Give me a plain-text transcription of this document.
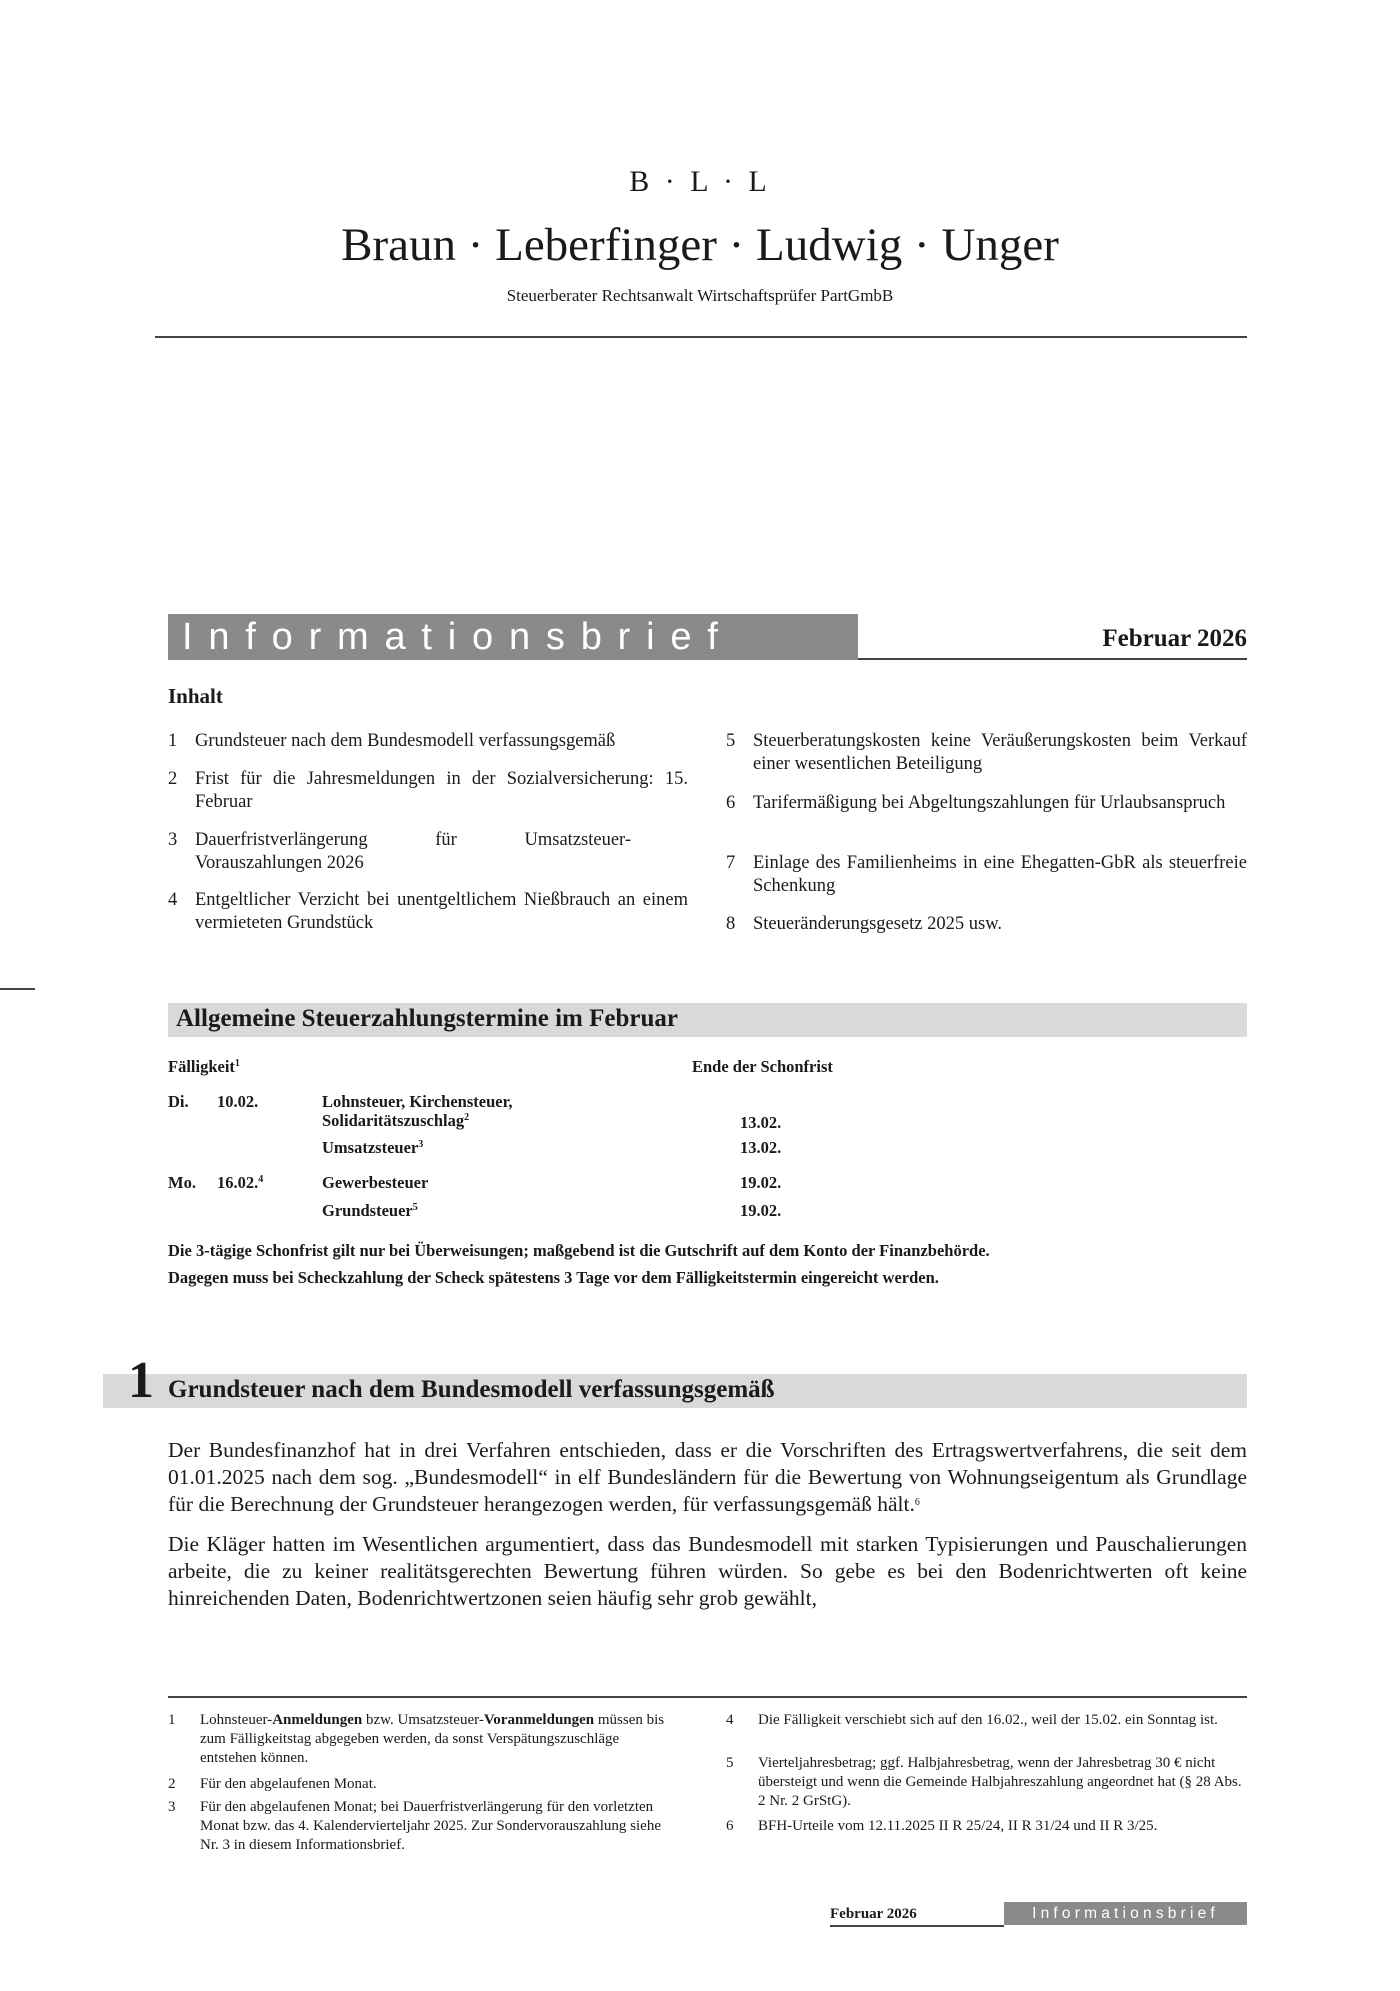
B · L · L
Braun · Leberfinger · Ludwig · Unger
Steuerberater Rechtsanwalt Wirtschaftsprüfer PartGmbB
Informationsbrief	Februar 2026
Inhalt
1 Grundsteuer nach dem Bundesmodell verfassungsgemäß
2 Frist für die Jahresmeldungen in der Sozialversicherung: 15. Februar
3 Dauerfristverlängerung für Umsatzsteuer-Vorauszahlungen 2026
4 Entgeltlicher Verzicht bei unentgeltlichem Nießbrauch an einem vermieteten Grundstück
5 Steuerberatungskosten keine Veräußerungskosten beim Verkauf einer wesentlichen Beteiligung
6 Tarifermäßigung bei Abgeltungszahlungen für Urlaubsanspruch
7 Einlage des Familienheims in eine Ehegatten-GbR als steuerfreie Schenkung
8 Steueränderungsgesetz 2025 usw.
Allgemeine Steuerzahlungstermine im Februar
Fälligkeit$^1$	Ende der Schonfrist
Di. 10.02.	Lohnsteuer, Kirchensteuer,
Solidaritätszuschlag$^2$	13.02.
Umsatzsteuer$^3$	13.02.
Mo. 16.02.$^4$	Gewerbesteuer	19.02.
Grundsteuer$^5$	19.02.
Die 3-tägige Schonfrist gilt nur bei Überweisungen; maßgebend ist die Gutschrift auf dem Konto der Finanzbehörde.
Dagegen muss bei Scheckzahlung der Scheck spätestens 3 Tage vor dem Fälligkeitstermin eingereicht werden.
1 Grundsteuer nach dem Bundesmodell verfassungsgemäß

Der Bundesfinanzhof hat in drei Verfahren entschieden, dass er die Vorschriften des Ertragswertverfahrens, die seit dem 01.01.2025 nach dem sog. „Bundesmodell“ in elf Bundesländern für die Bewertung von Wohnungseigentum als Grundlage für die Berechnung der Grundsteuer herangezogen werden, für verfassungsgemäß hält.$^6$

Die Kläger hatten im Wesentlichen argumentiert, dass das Bundesmodell mit starken Typisierungen und Pauschalierungen arbeite, die zu keiner realitätsgerechten Bewertung führen würden. So gebe es bei den Bodenrichtwerten oft keine hinreichenden Daten, Bodenrichtwertzonen seien häufig sehr grob gewählt,

1 Lohnsteuer-Anmeldungen bzw. Umsatzsteuer-Voranmeldungen müssen bis zum Fälligkeitstag abgegeben werden, da sonst Verspätungszuschläge entstehen können.
2 Für den abgelaufenen Monat.
3 Für den abgelaufenen Monat; bei Dauerfristverlängerung für den vorletzten Monat bzw. das 4. Kalendervierteljahr 2025. Zur Sondervorauszahlung siehe Nr. 3 in diesem Informationsbrief.
4 Die Fälligkeit verschiebt sich auf den 16.02., weil der 15.02. ein Sonntag ist.
5 Vierteljahresbetrag; ggf. Halbjahresbetrag, wenn der Jahresbetrag 30 € nicht übersteigt und wenn die Gemeinde Halbjahreszahlung angeordnet hat (§ 28 Abs. 2 Nr. 2 GrStG).
6 BFH-Urteile vom 12.11.2025 II R 25/24, II R 31/24 und II R 3/25.
Februar 2026	Informationsbrief
